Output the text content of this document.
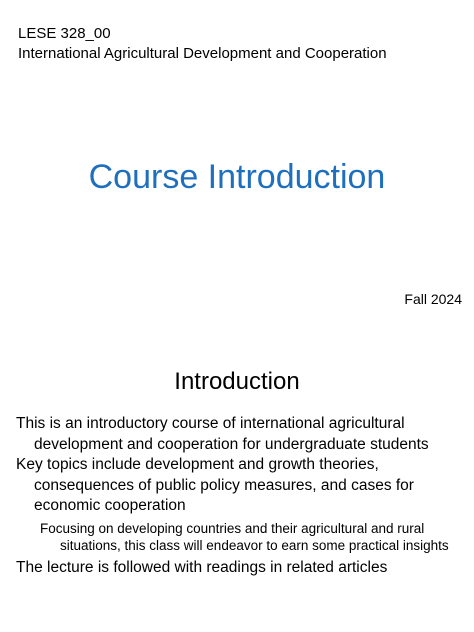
LESE 328_00
International Agricultural Development and Cooperation
Course Introduction
Fall 2024
Introduction
This is an introductory course of international agricultural development and cooperation for undergraduate students
Key topics include development and growth theories, consequences of public policy measures, and cases for economic cooperation
Focusing on developing countries and their agricultural and rural situations, this class will endeavor to earn some practical insights
The lecture is followed with readings in related articles
